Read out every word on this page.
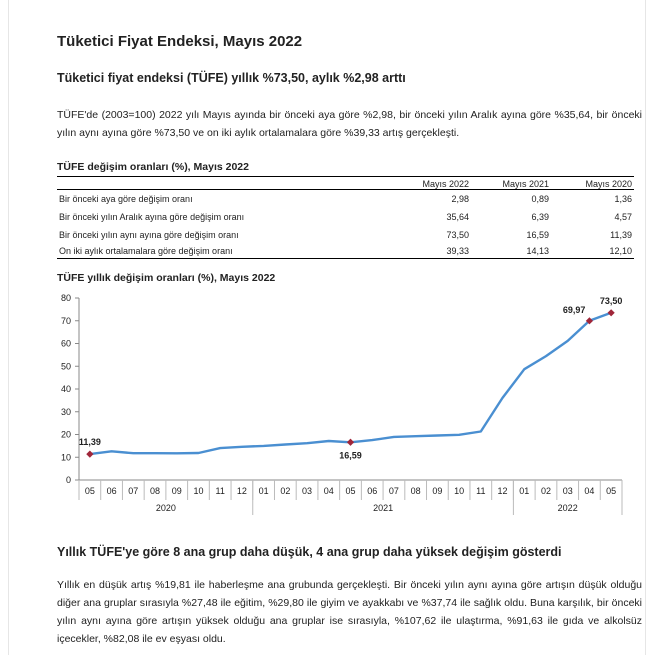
Tüketici Fiyat Endeksi, Mayıs 2022
Tüketici fiyat endeksi (TÜFE) yıllık %73,50, aylık %2,98 arttı
TÜFE'de (2003=100) 2022 yılı Mayıs ayında bir önceki aya göre %2,98, bir önceki yılın Aralık ayına göre %35,64, bir önceki yılın aynı ayına göre %73,50 ve on iki aylık ortalamalara göre %39,33 artış gerçekleşti.
TÜFE değişim oranları (%), Mayıs 2022
Mayıs 2022	Mayıs 2021	Mayıs 2020
Bir önceki aya göre değişim oranı	2,98	0,89	1,36
Bir önceki yılın Aralık ayına göre değişim oranı	35,64	6,39	4,57
Bir önceki yılın aynı ayına göre değişim oranı	73,50	16,59	11,39
On iki aylık ortalamalara göre değişim oranı	39,33	14,13	12,10
TÜFE yıllık değişim oranları (%), Mayıs 2022
0
10
20
30
40
50
60
70
80
05 06 07 08 09 10 11 12 01 02 03 04 05 06 07 08 09 10 11 12 01 02 03 04 05
2020	2021	2022
11,39
16,59
69,97
73,50
Yıllık TÜFE'ye göre 8 ana grup daha düşük, 4 ana grup daha yüksek değişim gösterdi
Yıllık en düşük artış %19,81 ile haberleşme ana grubunda gerçekleşti. Bir önceki yılın aynı ayına göre artışın düşük olduğu diğer ana gruplar sırasıyla %27,48 ile eğitim, %29,80 ile giyim ve ayakkabı ve %37,74 ile sağlık oldu. Buna karşılık, bir önceki yılın aynı ayına göre artışın yüksek olduğu ana gruplar ise sırasıyla, %107,62 ile ulaştırma, %91,63 ile gıda ve alkolsüz içecekler, %82,08 ile ev eşyası oldu.
